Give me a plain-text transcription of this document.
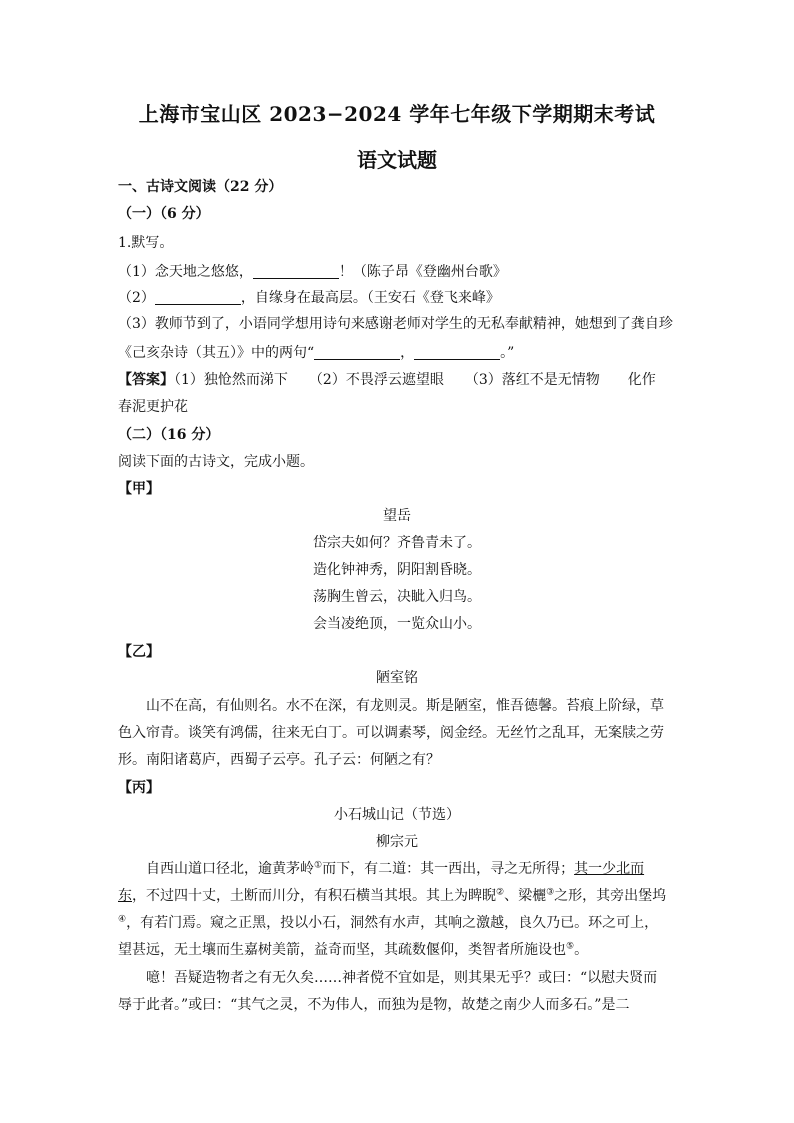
上海市宝山区 2023−2024 学年七年级下学期期末考试
语文试题
一、古诗文阅读（22 分）
（一）（6 分）
1.默写。
（1）念天地之悠悠，	！（陈子昂《登幽州台歌》
（2）	，自缘身在最高层。（王安石《登飞来峰》
（3）教师节到了，小语同学想用诗句来感谢老师对学生的无私奉献精神，她想到了龚自珍
《己亥杂诗（其五）》中的两句“	，	。”
【答案】（1）独怆然而涕下　　（2）不畏浮云遮望眼　　（3）落红不是无情物　　化作
春泥更护花
（二）（16 分）
阅读下面的古诗文，完成小题。
【甲】
望岳
岱宗夫如何？齐鲁青未了。
造化钟神秀，阴阳割昏晓。
荡胸生曾云，决眦入归鸟。
会当凌绝顶，一览众山小。
【乙】
陋室铭
　　山不在高，有仙则名。水不在深，有龙则灵。斯是陋室，惟吾德馨。苔痕上阶绿，草
色入帘青。谈笑有鸿儒，往来无白丁。可以调素琴，阅金经。无丝竹之乱耳，无案牍之劳
形。南阳诸葛庐，西蜀子云亭。孔子云：何陋之有？
【丙】
小石城山记（节选）
柳宗元
　　自西山道口径北，逾黄茅岭①而下，有二道：其一西出，寻之无所得；其一少北而
东，不过四十丈，土断而川分，有积石横当其垠。其上为睥睨②、梁欐③之形，其旁出堡坞
④，有若门焉。窥之正黑，投以小石，洞然有水声，其响之激越，良久乃已。环之可上，
望甚远，无土壤而生嘉树美箭，益奇而坚，其疏数偃仰，类智者所施设也⑤。
　　噫！吾疑造物者之有无久矣……神者傥不宜如是，则其果无乎？或曰：“以慰夫贤而
辱于此者。”或曰：“其气之灵，不为伟人，而独为是物，故楚之南少人而多石。”是二
